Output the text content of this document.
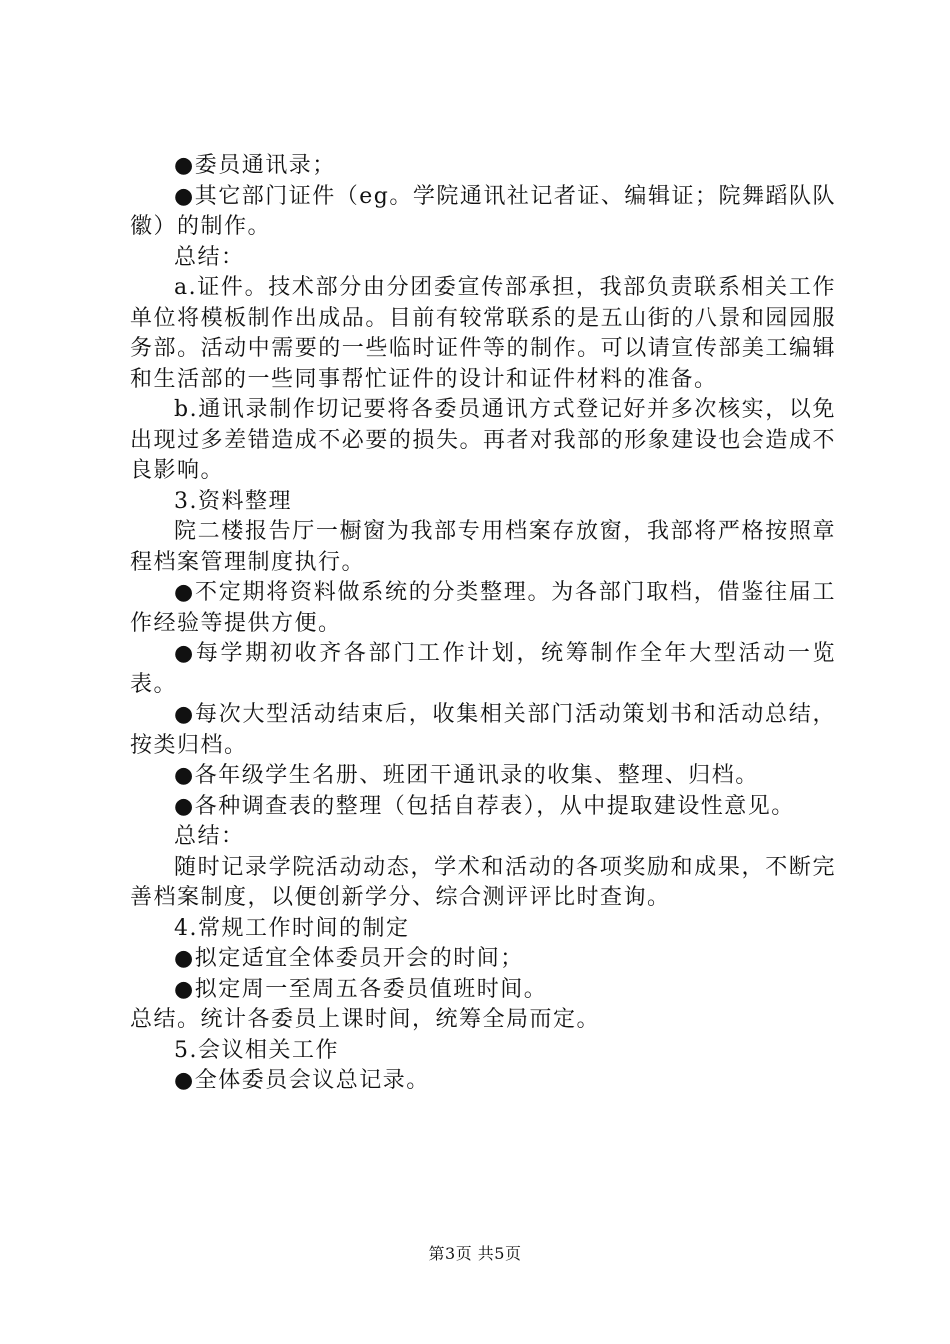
●委员通讯录；

●其它部门证件（eg。学院通讯社记者证、编辑证；院舞蹈队队徽）的制作。

总结：

a.证件。技术部分由分团委宣传部承担，我部负责联系相关工作单位将模板制作出成品。目前有较常联系的是五山街的八景和园园服务部。活动中需要的一些临时证件等的制作。可以请宣传部美工编辑和生活部的一些同事帮忙证件的设计和证件材料的准备。

b.通讯录制作切记要将各委员通讯方式登记好并多次核实，以免出现过多差错造成不必要的损失。再者对我部的形象建设也会造成不良影响。

3.资料整理

院二楼报告厅一橱窗为我部专用档案存放窗，我部将严格按照章程档案管理制度执行。

●不定期将资料做系统的分类整理。为各部门取档，借鉴往届工作经验等提供方便。

●每学期初收齐各部门工作计划，统筹制作全年大型活动一览表。

●每次大型活动结束后，收集相关部门活动策划书和活动总结，按类归档。

●各年级学生名册、班团干通讯录的收集、整理、归档。

●各种调查表的整理（包括自荐表），从中提取建设性意见。

总结：

随时记录学院活动动态，学术和活动的各项奖励和成果，不断完善档案制度，以便创新学分、综合测评评比时查询。

4.常规工作时间的制定

●拟定适宜全体委员开会的时间；

●拟定周一至周五各委员值班时间。

总结。统计各委员上课时间，统筹全局而定。

5.会议相关工作

●全体委员会议总记录。

第3页 共5页
